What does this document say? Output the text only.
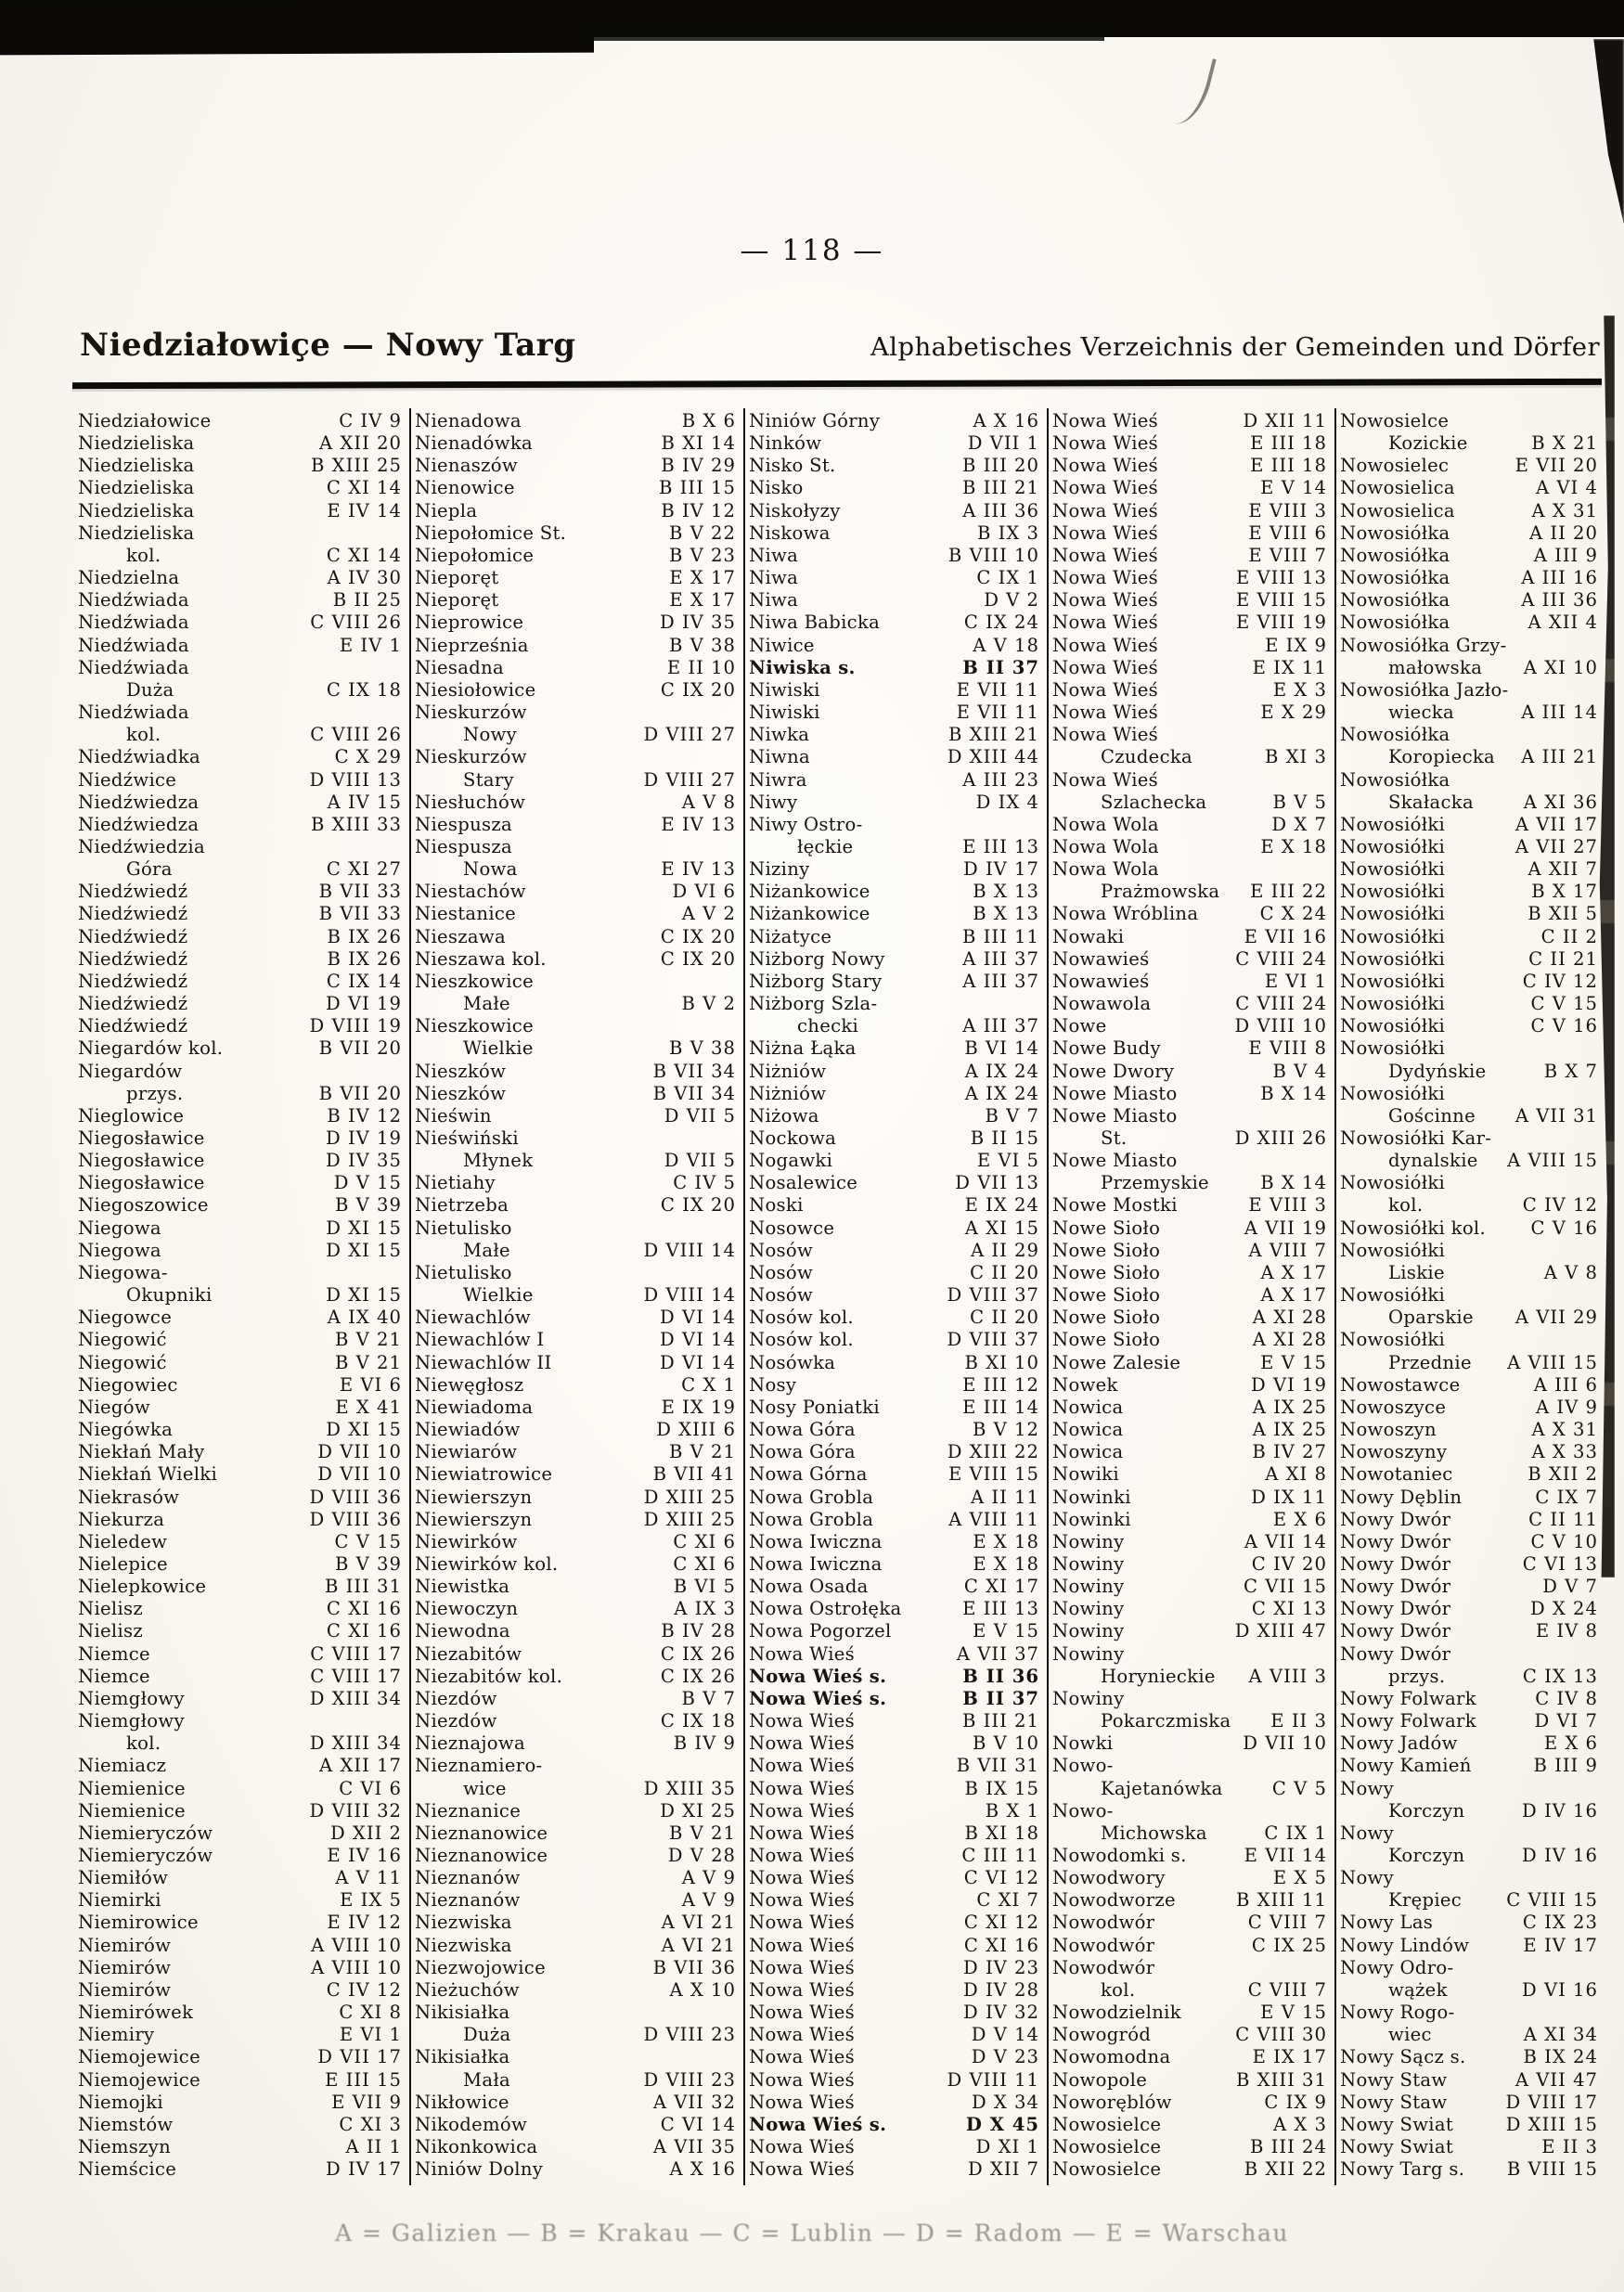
— 118 —
Niedziałowiçe — Nowy Targ	Alphabetisches Verzeichnis der Gemeinden und Dörfer
Niedziałowice	C IV 9
Niedzieliska	A XII 20
Niedzieliska	B XIII 25
Niedzieliska	C XI 14
Niedzieliska	E IV 14
Niedzieliska
kol.	C XI 14
Niedzielna	A IV 30
Niedźwiada	B II 25
Niedźwiada	C VIII 26
Niedźwiada	E IV 1
Niedźwiada
Duża	C IX 18
Niedźwiada
kol.	C VIII 26
Niedźwiadka	C X 29
Niedźwice	D VIII 13
Niedźwiedza	A IV 15
Niedźwiedza	B XIII 33
Niedźwiedzia
Góra	C XI 27
Niedźwiedź	B VII 33
Niedźwiedź	B VII 33
Niedźwiedź	B IX 26
Niedźwiedź	B IX 26
Niedźwiedź	C IX 14
Niedźwiedź	D VI 19
Niedźwiedź	D VIII 19
Niegardów kol.	B VII 20
Niegardów
przys.	B VII 20
Nieglowice	B IV 12
Niegosławice	D IV 19
Niegosławice	D IV 35
Niegosławice	D V 15
Niegoszowice	B V 39
Niegowa	D XI 15
Niegowa	D XI 15
Niegowa-
Okupniki	D XI 15
Niegowce	A IX 40
Niegowić	B V 21
Niegowić	B V 21
Niegowiec	E VI 6
Niegów	E X 41
Niegówka	D XI 15
Niekłań Mały	D VII 10
Niekłań Wielki	D VII 10
Niekrasów	D VIII 36
Niekurza	D VIII 36
Nieledew	C V 15
Nielepice	B V 39
Nielepkowice	B III 31
Nielisz	C XI 16
Nielisz	C XI 16
Niemce	C VIII 17
Niemce	C VIII 17
Niemgłowy	D XIII 34
Niemgłowy
kol.	D XIII 34
Niemiacz	A XII 17
Niemienice	C VI 6
Niemienice	D VIII 32
Niemieryczów	D XII 2
Niemieryczów	E IV 16
Niemiłów	A V 11
Niemirki	E IX 5
Niemirowice	E IV 12
Niemirów	A VIII 10
Niemirów	A VIII 10
Niemirów	C IV 12
Niemirówek	C XI 8
Niemiry	E VI 1
Niemojewice	D VII 17
Niemojewice	E III 15
Niemojki	E VII 9
Niemstów	C XI 3
Niemszyn	A II 1
Niemścice	D IV 17
Nienadowa	B X 6
Nienadówka	B XI 14
Nienaszów	B IV 29
Nienowice	B III 15
Niepla	B IV 12
Niepołomice St.	B V 22
Niepołomice	B V 23
Nieporęt	E X 17
Nieporęt	E X 17
Nieprowice	D IV 35
Nieprześnia	B V 38
Niesadna	E II 10
Niesiołowice	C IX 20
Nieskurzów
Nowy	D VIII 27
Nieskurzów
Stary	D VIII 27
Niesłuchów	A V 8
Niespusza	E IV 13
Niespusza
Nowa	E IV 13
Niestachów	D VI 6
Niestanice	A V 2
Nieszawa	C IX 20
Nieszawa kol.	C IX 20
Nieszkowice
Małe	B V 2
Nieszkowice
Wielkie	B V 38
Nieszków	B VII 34
Nieszków	B VII 34
Nieświn	D VII 5
Nieświński
Młynek	D VII 5
Nietiahy	C IV 5
Nietrzeba	C IX 20
Nietulisko
Małe	D VIII 14
Nietulisko
Wielkie	D VIII 14
Niewachlów	D VI 14
Niewachlów I	D VI 14
Niewachlów II	D VI 14
Niewęgłosz	C X 1
Niewiadoma	E IX 19
Niewiadów	D XIII 6
Niewiarów	B V 21
Niewiatrowice	B VII 41
Niewierszyn	D XIII 25
Niewierszyn	D XIII 25
Niewirków	C XI 6
Niewirków kol.	C XI 6
Niewistka	B VI 5
Niewoczyn	A IX 3
Niewodna	B IV 28
Niezabitów	C IX 26
Niezabitów kol.	C IX 26
Niezdów	B V 7
Niezdów	C IX 18
Nieznajowa	B IV 9
Nieznamiero-
wice	D XIII 35
Nieznanice	D XI 25
Nieznanowice	B V 21
Nieznanowice	D V 28
Nieznanów	A V 9
Nieznanów	A V 9
Niezwiska	A VI 21
Niezwiska	A VI 21
Niezwojowice	B VII 36
Nieżuchów	A X 10
Nikisiałka
Duża	D VIII 23
Nikisiałka
Mała	D VIII 23
Nikłowice	A VII 32
Nikodemów	C VI 14
Nikonkowica	A VII 35
Niniów Dolny	A X 16
Niniów Górny	A X 16
Ninków	D VII 1
Nisko St.	B III 20
Nisko	B III 21
Niskołyzy	A III 36
Niskowa	B IX 3
Niwa	B VIII 10
Niwa	C IX 1
Niwa	D V 2
Niwa Babicka	C IX 24
Niwice	A V 18
Niwiska s.	B II 37
Niwiski	E VII 11
Niwiski	E VII 11
Niwka	B XIII 21
Niwna	D XIII 44
Niwra	A III 23
Niwy	D IX 4
Niwy Ostro-
łęckie	E III 13
Niziny	D IV 17
Niżankowice	B X 13
Niżankowice	B X 13
Niżatyce	B III 11
Niżborg Nowy	A III 37
Niżborg Stary	A III 37
Niżborg Szla-
checki	A III 37
Niżna Łąka	B VI 14
Niżniów	A IX 24
Niżniów	A IX 24
Niżowa	B V 7
Nockowa	B II 15
Nogawki	E VI 5
Nosalewice	D VII 13
Noski	E IX 24
Nosowce	A XI 15
Nosów	A II 29
Nosów	C II 20
Nosów	D VIII 37
Nosów kol.	C II 20
Nosów kol.	D VIII 37
Nosówka	B XI 10
Nosy	E III 12
Nosy Poniatki	E III 14
Nowa Góra	B V 12
Nowa Góra	D XIII 22
Nowa Górna	E VIII 15
Nowa Grobla	A II 11
Nowa Grobla	A VIII 11
Nowa Iwiczna	E X 18
Nowa Iwiczna	E X 18
Nowa Osada	C XI 17
Nowa Ostrołęka	E III 13
Nowa Pogorzel	E V 15
Nowa Wieś	A VII 37
Nowa Wieś s.	B II 36
Nowa Wieś s.	B II 37
Nowa Wieś	B III 21
Nowa Wieś	B V 10
Nowa Wieś	B VII 31
Nowa Wieś	B IX 15
Nowa Wieś	B X 1
Nowa Wieś	B XI 18
Nowa Wieś	C III 11
Nowa Wieś	C VI 12
Nowa Wieś	C XI 7
Nowa Wieś	C XI 12
Nowa Wieś	C XI 16
Nowa Wieś	D IV 23
Nowa Wieś	D IV 28
Nowa Wieś	D IV 32
Nowa Wieś	D V 14
Nowa Wieś	D V 23
Nowa Wieś	D VIII 11
Nowa Wieś	D X 34
Nowa Wieś s.	D X 45
Nowa Wieś	D XI 1
Nowa Wieś	D XII 7
Nowa Wieś	D XII 11
Nowa Wieś	E III 18
Nowa Wieś	E III 18
Nowa Wieś	E V 14
Nowa Wieś	E VIII 3
Nowa Wieś	E VIII 6
Nowa Wieś	E VIII 7
Nowa Wieś	E VIII 13
Nowa Wieś	E VIII 15
Nowa Wieś	E VIII 19
Nowa Wieś	E IX 9
Nowa Wieś	E IX 11
Nowa Wieś	E X 3
Nowa Wieś	E X 29
Nowa Wieś
Czudecka	B XI 3
Nowa Wieś
Szlachecka	B V 5
Nowa Wola	D X 7
Nowa Wola	E X 18
Nowa Wola
Prażmowska	E III 22
Nowa Wróblina	C X 24
Nowaki	E VII 16
Nowawieś	C VIII 24
Nowawieś	E VI 1
Nowawola	C VIII 24
Nowe	D VIII 10
Nowe Budy	E VIII 8
Nowe Dwory	B V 4
Nowe Miasto	B X 14
Nowe Miasto
St.	D XIII 26
Nowe Miasto
Przemyskie	B X 14
Nowe Mostki	E VIII 3
Nowe Sioło	A VII 19
Nowe Sioło	A VIII 7
Nowe Sioło	A X 17
Nowe Sioło	A X 17
Nowe Sioło	A XI 28
Nowe Sioło	A XI 28
Nowe Zalesie	E V 15
Nowek	D VI 19
Nowica	A IX 25
Nowica	A IX 25
Nowica	B IV 27
Nowiki	A XI 8
Nowinki	D IX 11
Nowinki	E X 6
Nowiny	A VII 14
Nowiny	C IV 20
Nowiny	C VII 15
Nowiny	C XI 13
Nowiny	D XIII 47
Nowiny
Horynieckie	A VIII 3
Nowiny
Pokarczmiska	E II 3
Nowki	D VII 10
Nowo-
Kajetanówka	C V 5
Nowo-
Michowska	C IX 1
Nowodomki s.	E VII 14
Nowodwory	E X 5
Nowodworze	B XIII 11
Nowodwór	C VIII 7
Nowodwór	C IX 25
Nowodwór
kol.	C VIII 7
Nowodzielnik	E V 15
Nowogród	C VIII 30
Nowomodna	E IX 17
Nowopole	B XIII 31
Noworęblów	C IX 9
Nowosielce	A X 3
Nowosielce	B III 24
Nowosielce	B XII 22
Nowosielce
Kozickie	B X 21
Nowosielec	E VII 20
Nowosielica	A VI 4
Nowosielica	A X 31
Nowosiółka	A II 20
Nowosiółka	A III 9
Nowosiółka	A III 16
Nowosiółka	A III 36
Nowosiółka	A XII 4
Nowosiółka Grzy-
małowska	A XI 10
Nowosiółka Jazło-
wiecka	A III 14
Nowosiółka
Koropiecka	A III 21
Nowosiółka
Skałacka	A XI 36
Nowosiółki	A VII 17
Nowosiółki	A VII 27
Nowosiółki	A XII 7
Nowosiółki	B X 17
Nowosiółki	B XII 5
Nowosiółki	C II 2
Nowosiółki	C II 21
Nowosiółki	C IV 12
Nowosiółki	C V 15
Nowosiółki	C V 16
Nowosiółki
Dydyńskie	B X 7
Nowosiółki
Gościnne	A VII 31
Nowosiółki Kar-
dynalskie	A VIII 15
Nowosiółki
kol.	C IV 12
Nowosiółki kol.	C V 16
Nowosiółki
Liskie	A V 8
Nowosiółki
Oparskie	A VII 29
Nowosiółki
Przednie	A VIII 15
Nowostawce	A III 6
Nowoszyce	A IV 9
Nowoszyn	A X 31
Nowoszyny	A X 33
Nowotaniec	B XII 2
Nowy Dęblin	C IX 7
Nowy Dwór	C II 11
Nowy Dwór	C V 10
Nowy Dwór	C VI 13
Nowy Dwór	D V 7
Nowy Dwór	D X 24
Nowy Dwór	E IV 8
Nowy Dwór
przys.	C IX 13
Nowy Folwark	C IV 8
Nowy Folwark	D VI 7
Nowy Jadów	E X 6
Nowy Kamień	B III 9
Nowy
Korczyn	D IV 16
Nowy
Korczyn	D IV 16
Nowy
Krępiec	C VIII 15
Nowy Las	C IX 23
Nowy Lindów	E IV 17
Nowy Odro-
wążek	D VI 16
Nowy Rogo-
wiec	A XI 34
Nowy Sącz s.	B IX 24
Nowy Staw	A VII 47
Nowy Staw	D VIII 17
Nowy Swiat	D XIII 15
Nowy Swiat	E II 3
Nowy Targ s.	B VIII 15
A = Galizien — B = Krakau — C = Lublin — D = Radom — E = Warschau
